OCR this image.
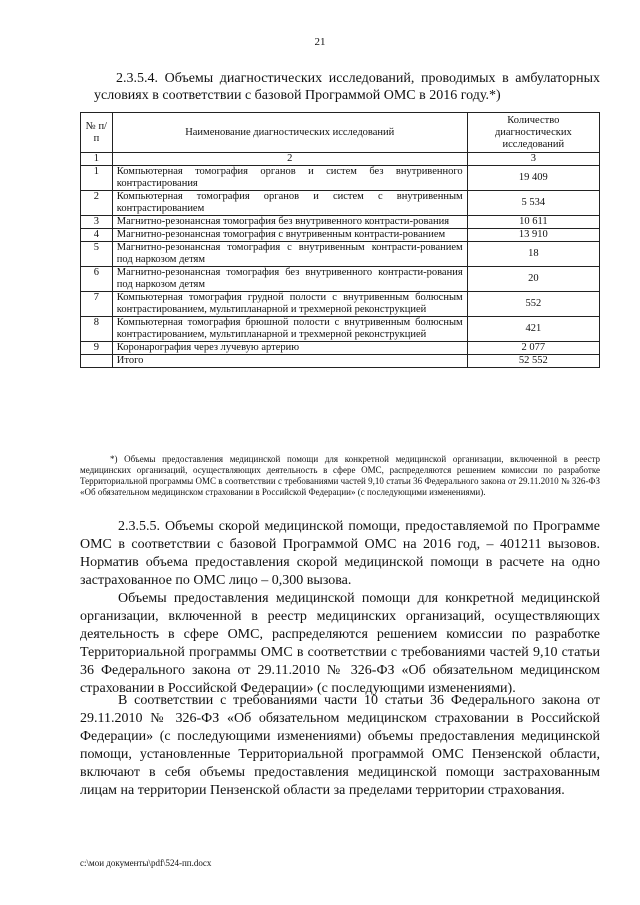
21
2.3.5.4. Объемы диагностических исследований, проводимых в амбулаторных условиях в соответствии с базовой Программой ОМС в 2016 году.*)
№ п/п	Наименование диагностических исследований	Количество диагностических исследований
1	2	3
1	Компьютерная томография органов и систем без внутривенного контрастирования	19 409
2	Компьютерная томография органов и систем с внутривенным контрастированием	5 534
3	Магнитно-резонансная томография без внутривенного контрасти-рования	10 611
4	Магнитно-резонансная томография с внутривенным контрасти-рованием	13 910
5	Магнитно-резонансная томография с внутривенным контрасти-рованием под наркозом детям	18
6	Магнитно-резонансная томография без внутривенного контрасти-рования под наркозом детям	20
7	Компьютерная томография грудной полости с внутривенным болюсным контрастированием, мультипланарной и трехмерной реконструкцией	552
8	Компьютерная томография брюшной полости с внутривенным болюсным контрастированием, мультипланарной и трехмерной реконструкцией	421
9	Коронарография через лучевую артерию	2 077
	Итого	52 552
*) Объемы предоставления медицинской помощи для конкретной медицинской организации, включенной в реестр медицинских организаций, осуществляющих деятельность в сфере ОМС, распределяются решением комиссии по разработке Территориальной программы ОМС в соответствии с требованиями частей 9,10 статьи 36 Федерального закона от 29.11.2010 № 326-ФЗ «Об обязательном медицинском страховании в Российской Федерации» (с последующими изменениями).
2.3.5.5. Объемы скорой медицинской помощи, предоставляемой по Программе ОМС в соответствии с базовой Программой ОМС на 2016 год, – 401211 вызовов. Норматив объема предоставления скорой медицинской помощи в расчете на одно застрахованное по ОМС лицо – 0,300 вызова.
Объемы предоставления медицинской помощи для конкретной медицинской организации, включенной в реестр медицинских организаций, осуществляющих деятельность в сфере ОМС, распределяются решением комиссии по разработке Территориальной программы ОМС в соответствии с требованиями частей 9,10 статьи 36 Федерального закона от 29.11.2010 № 326-ФЗ «Об обязательном медицинском страховании в Российской Федерации» (с последующими изменениями).
В соответствии с требованиями части 10 статьи 36 Федерального закона от 29.11.2010 № 326-ФЗ «Об обязательном медицинском страховании в Российской Федерации» (с последующими изменениями) объемы предоставления медицинской помощи, установленные Территориальной программой ОМС Пензенской области, включают в себя объемы предоставления медицинской помощи застрахованным лицам на территории Пензенской области за пределами территории страхования.
c:\мои документы\pdf\524-пп.docx
